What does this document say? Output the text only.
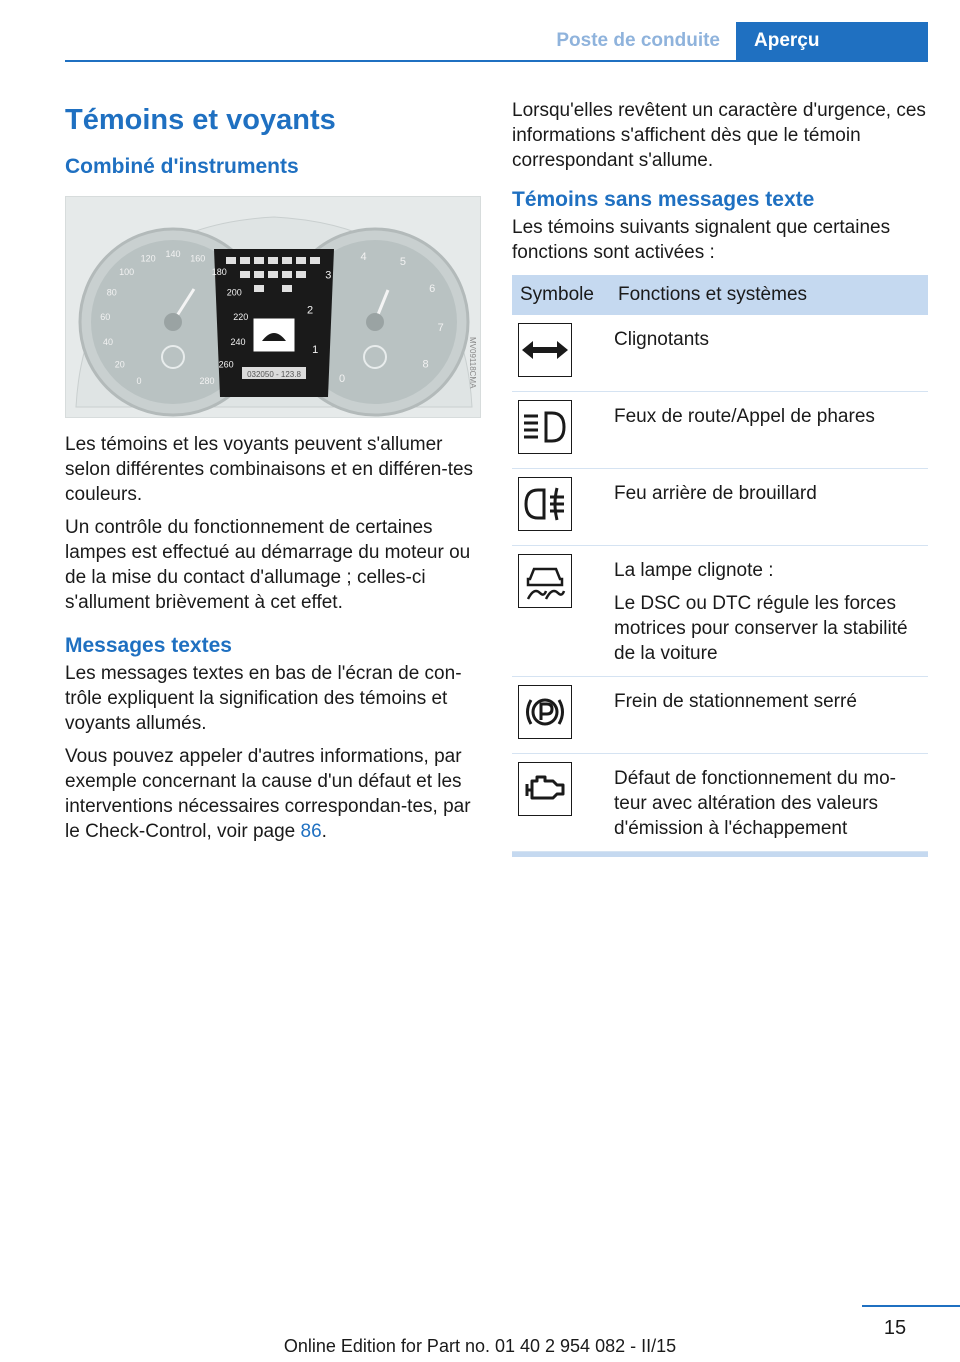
Poste de conduite	Aperçu
Témoins et voyants
Combiné d'instruments
0
20
40
60
80
100
120 140 160
180
200
220
240
260
280	0
1
2
3
4	5
6
7
8
032050 - 123.8	MV09118CMA

Les témoins et les voyants peuvent s'allumer selon différentes combinaisons et en différen‐tes couleurs.

Un contrôle du fonctionnement de certaines lampes est effectué au démarrage du moteur ou de la mise du contact d'allumage ; celles-ci s'allument brièvement à cet effet.

Messages textes

Les messages textes en bas de l'écran de con‐trôle expliquent la signification des témoins et voyants allumés.

Vous pouvez appeler d'autres informations, par exemple concernant la cause d'un défaut et les interventions nécessaires correspondan‐tes, par le Check-Control, voir page 86.

Lorsqu'elles revêtent un caractère d'urgence, ces informations s'affichent dès que le témoin correspondant s'allume.

Témoins sans messages texte

Les témoins suivants signalent que certaines fonctions sont activées :

Symbole	Fonctions et systèmes

	Clignotants

	Feux de route/Appel de phares

	Feu arrière de brouillard

La lampe clignote :
Le DSC ou DTC régule les forces motrices pour conserver la stabilité de la voiture

	Frein de stationnement serré

	Défaut de fonctionnement du mo‐teur avec altération des valeurs d'émission à l'échappement
15
Online Edition for Part no. 01 40 2 954 082 - II/15
